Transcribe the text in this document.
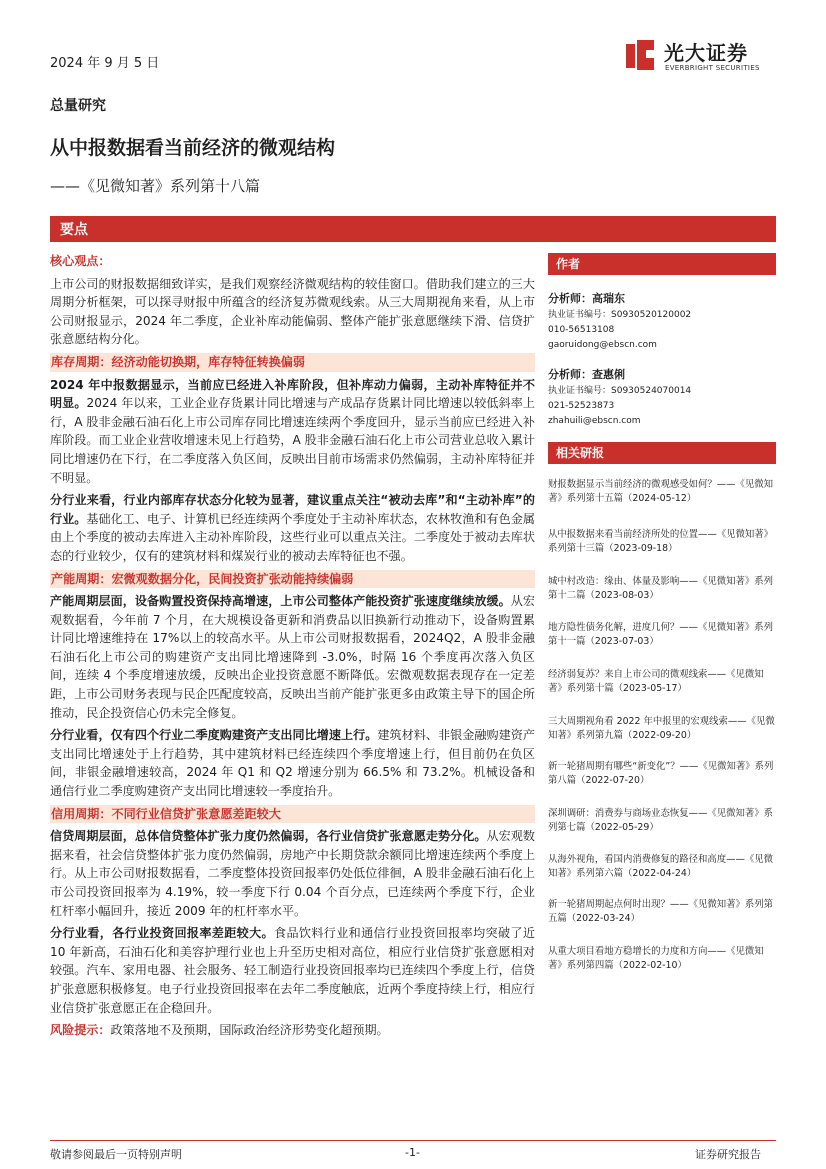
2024 年 9 月 5 日	光大证券
EVERBRIGHT SECURITIES
总量研究
从中报数据看当前经济的微观结构
——《见微知著》系列第十八篇
要点

核心观点：

上市公司的财报数据细致详实，是我们观察经济微观结构的较佳窗口。借助我们建立的三大周期分析框架，可以探寻财报中所蕴含的经济复苏微观线索。从三大周期视角来看，从上市公司财报显示，2024 年二季度，企业补库动能偏弱、整体产能扩张意愿继续下滑、信贷扩张意愿结构分化。

库存周期：经济动能切换期，库存特征转换偏弱

2024 年中报数据显示，当前应已经进入补库阶段，但补库动力偏弱，主动补库特征并不明显。2024 年以来，工业企业存货累计同比增速与产成品存货累计同比增速以较低斜率上行，A 股非金融石油石化上市公司库存同比增速连续两个季度回升，显示当前应已经进入补库阶段。而工业企业营收增速未见上行趋势，A 股非金融石油石化上市公司营业总收入累计同比增速仍在下行，在二季度落入负区间，反映出目前市场需求仍然偏弱，主动补库特征并不明显。

分行业来看，行业内部库存状态分化较为显著，建议重点关注“被动去库”和“主动补库”的行业。基础化工、电子、计算机已经连续两个季度处于主动补库状态，农林牧渔和有色金属由上个季度的被动去库进入主动补库阶段，这些行业可以重点关注。二季度处于被动去库状态的行业较少，仅有的建筑材料和煤炭行业的被动去库特征也不强。

产能周期：宏微观数据分化，民间投资扩张动能持续偏弱

产能周期层面，设备购置投资保持高增速，上市公司整体产能投资扩张速度继续放缓。从宏观数据看，今年前 7 个月，在大规模设备更新和消费品以旧换新行动推动下，设备购置累计同比增速维持在 17%以上的较高水平。从上市公司财报数据看，2024Q2，A 股非金融石油石化上市公司的购建资产支出同比增速降到 -3.0%，时隔 16 个季度再次落入负区间，连续 4 个季度增速放缓，反映出企业投资意愿不断降低。宏微观数据表现存在一定差距，上市公司财务表现与民企匹配度较高，反映出当前产能扩张更多由政策主导下的国企所推动，民企投资信心仍未完全修复。

分行业看，仅有四个行业二季度购建资产支出同比增速上行。建筑材料、非银金融购建资产支出同比增速处于上行趋势，其中建筑材料已经连续四个季度增速上行，但目前仍在负区间，非银金融增速较高，2024 年 Q1 和 Q2 增速分别为 66.5% 和 73.2%。机械设备和通信行业二季度购建资产支出同比增速较一季度抬升。

信用周期：不同行业信贷扩张意愿差距较大

信贷周期层面，总体信贷整体扩张力度仍然偏弱，各行业信贷扩张意愿走势分化。从宏观数据来看，社会信贷整体扩张力度仍然偏弱，房地产中长期贷款余额同比增速连续两个季度上行。从上市公司财报数据看，二季度整体投资回报率仍处低位徘徊，A 股非金融石油石化上市公司投资回报率为 4.19%，较一季度下行 0.04 个百分点，已连续两个季度下行，企业杠杆率小幅回升，接近 2009 年的杠杆率水平。

分行业看，各行业投资回报率差距较大。食品饮料行业和通信行业投资回报率均突破了近 10 年新高，石油石化和美容护理行业也上升至历史相对高位，相应行业信贷扩张意愿相对较强。汽车、家用电器、社会服务、轻工制造行业投资回报率均已连续四个季度上行，信贷扩张意愿积极修复。电子行业投资回报率在去年二季度触底，近两个季度持续上行，相应行业信贷扩张意愿正在企稳回升。

风险提示：政策落地不及预期，国际政治经济形势变化超预期。

作者
分析师：高瑞东
执业证书编号：S0930520120002
010-56513108
gaoruidong@ebscn.com
分析师：查惠俐
执业证书编号：S0930524070014
021-52523873
zhahuili@ebscn.com
相关研报
财报数据显示当前经济的微观感受如何？——《见微知著》系列第十五篇（2024-05-12）
从中报数据来看当前经济所处的位置——《见微知著》系列第十三篇（2023-09-18）
城中村改造：缘由、体量及影响——《见微知著》系列第十二篇（2023-08-03）
地方隐性债务化解，进度几何？——《见微知著》系列第十一篇（2023-07-03）
经济弱复苏？来自上市公司的微观线索——《见微知著》系列第十篇（2023-05-17）
三大周期视角看 2022 年中报里的宏观线索——《见微知著》系列第九篇（2022-09-20）
新一轮猪周期有哪些“新变化”？——《见微知著》系列第八篇（2022-07-20）
深圳调研：消费券与商场业态恢复——《见微知著》系列第七篇（2022-05-29）
从海外视角，看国内消费修复的路径和高度——《见微知著》系列第六篇（2022-04-24）
新一轮猪周期起点何时出现？——《见微知著》系列第五篇（2022-03-24）
从重大项目看地方稳增长的力度和方向——《见微知著》系列第四篇（2022-02-10）
敬请参阅最后一页特别声明	-1-	证券研究报告
